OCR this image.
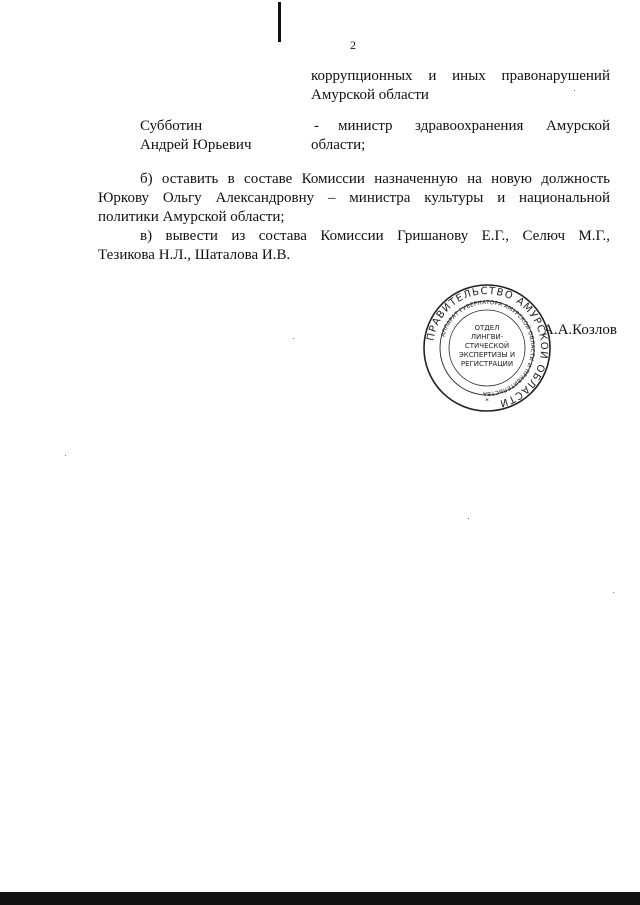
2
коррупционных и иных правонарушений
Амурской области
Субботин
Андрей Юрьевич
- министр здравоохранения Амурской
области;
б) оставить в составе Комиссии назначенную на новую должность
Юркову Ольгу Александровну – министра культуры и национальной
политики Амурской области;
в) вывести из состава Комиссии Гришанову Е.Г., Селюч М.Г.,
Тезикова Н.Л., Шаталова И.В.
ПРАВИТЕЛЬСТВО АМУРСКОЙ ОБЛАСТИ
АППАРАТ ГУБЕРНАТОРА АМУРСКОЙ ОБЛАСТИ И ПРАВИТЕЛЬСТВА
ОТДЕЛ
ЛИНГВИ-
СТИЧЕСКОЙ
ЭКСПЕРТИЗЫ И
РЕГИСТРАЦИИ
*
А.А.Козлов
